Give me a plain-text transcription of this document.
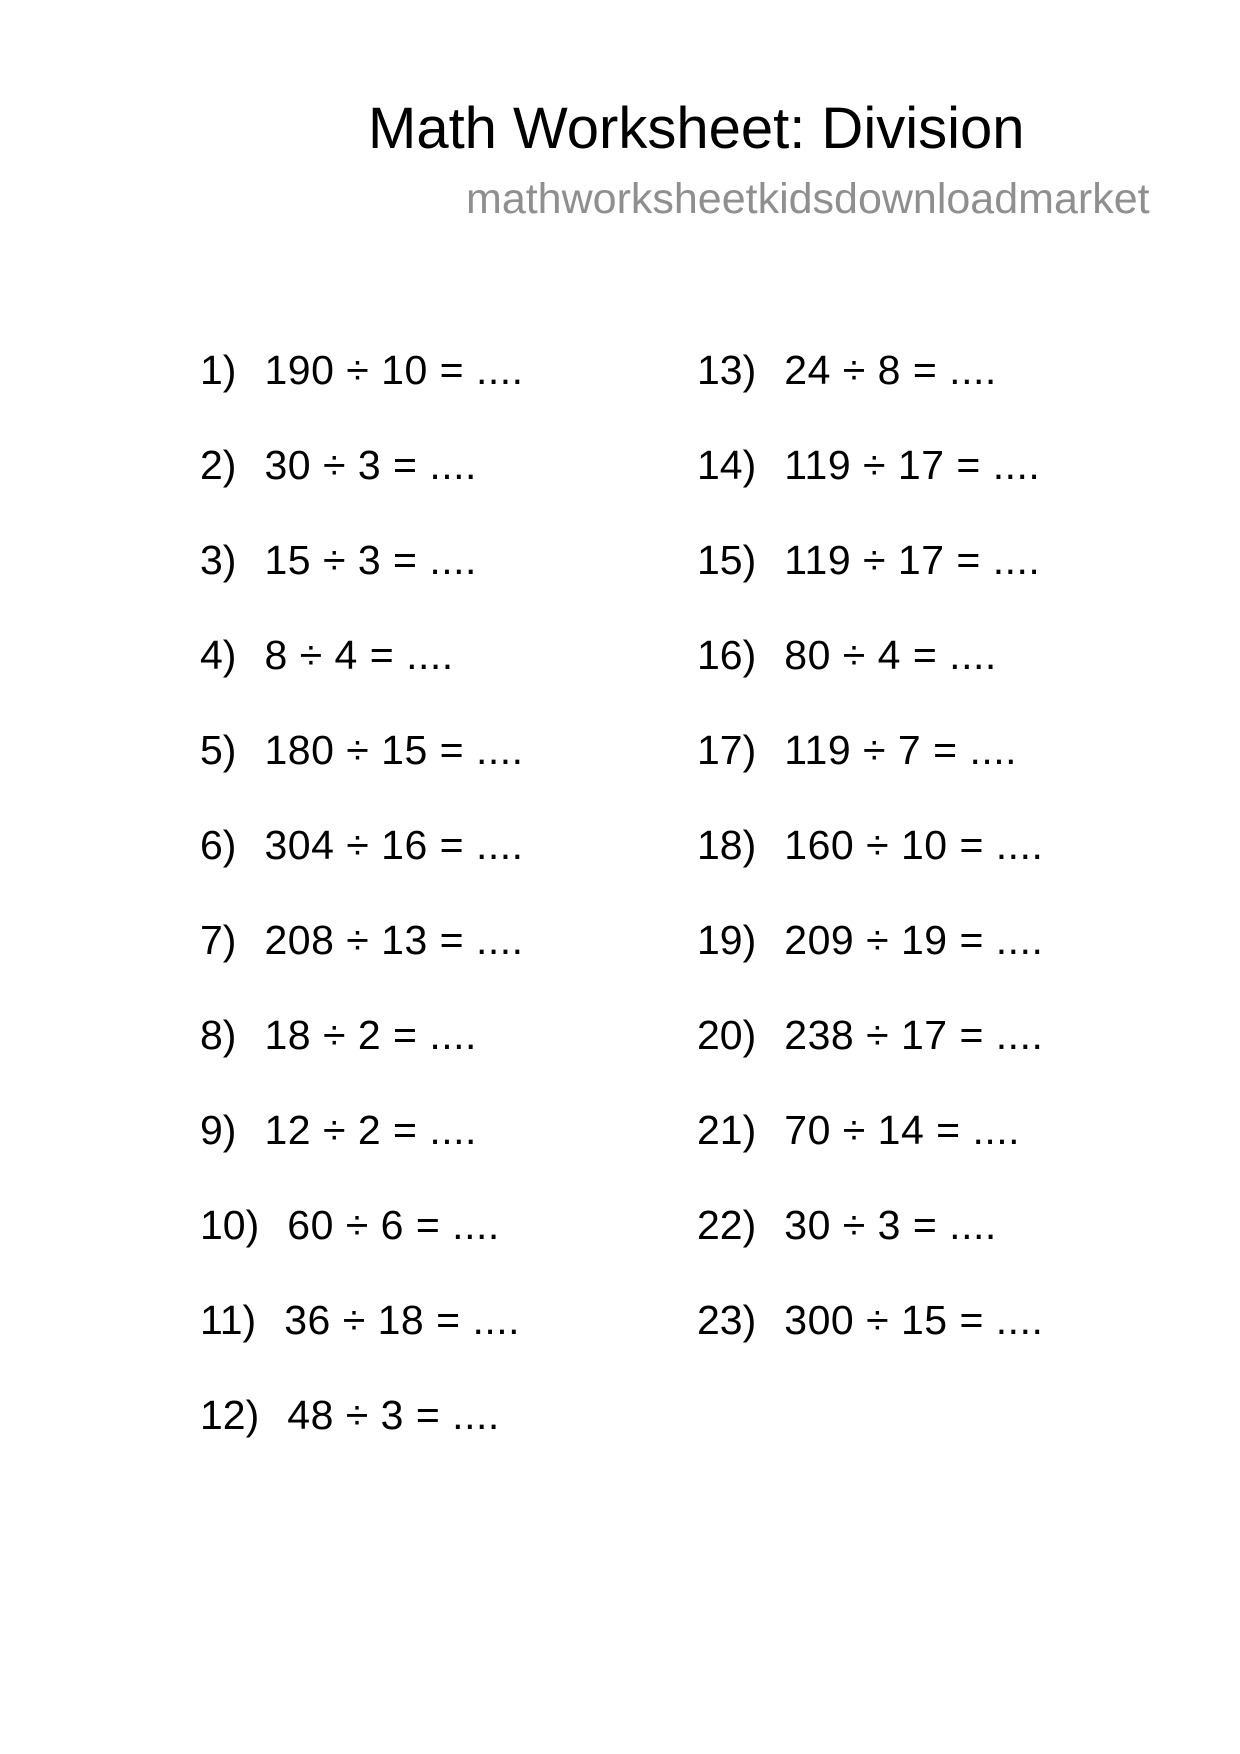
Math Worksheet: Division
mathworksheetkidsdownloadmarket
1) 190 ÷ 10 = ....
2) 30 ÷ 3 = ....
3) 15 ÷ 3 = ....
4) 8 ÷ 4 = ....
5) 180 ÷ 15 = ....
6) 304 ÷ 16 = ....
7) 208 ÷ 13 = ....
8) 18 ÷ 2 = ....
9) 12 ÷ 2 = ....
10) 60 ÷ 6 = ....
11) 36 ÷ 18 = ....
12) 48 ÷ 3 = ....
13) 24 ÷ 8 = ....
14) 119 ÷ 17 = ....
15) 119 ÷ 17 = ....
16) 80 ÷ 4 = ....
17) 119 ÷ 7 = ....
18) 160 ÷ 10 = ....
19) 209 ÷ 19 = ....
20) 238 ÷ 17 = ....
21) 70 ÷ 14 = ....
22) 30 ÷ 3 = ....
23) 300 ÷ 15 = ....
